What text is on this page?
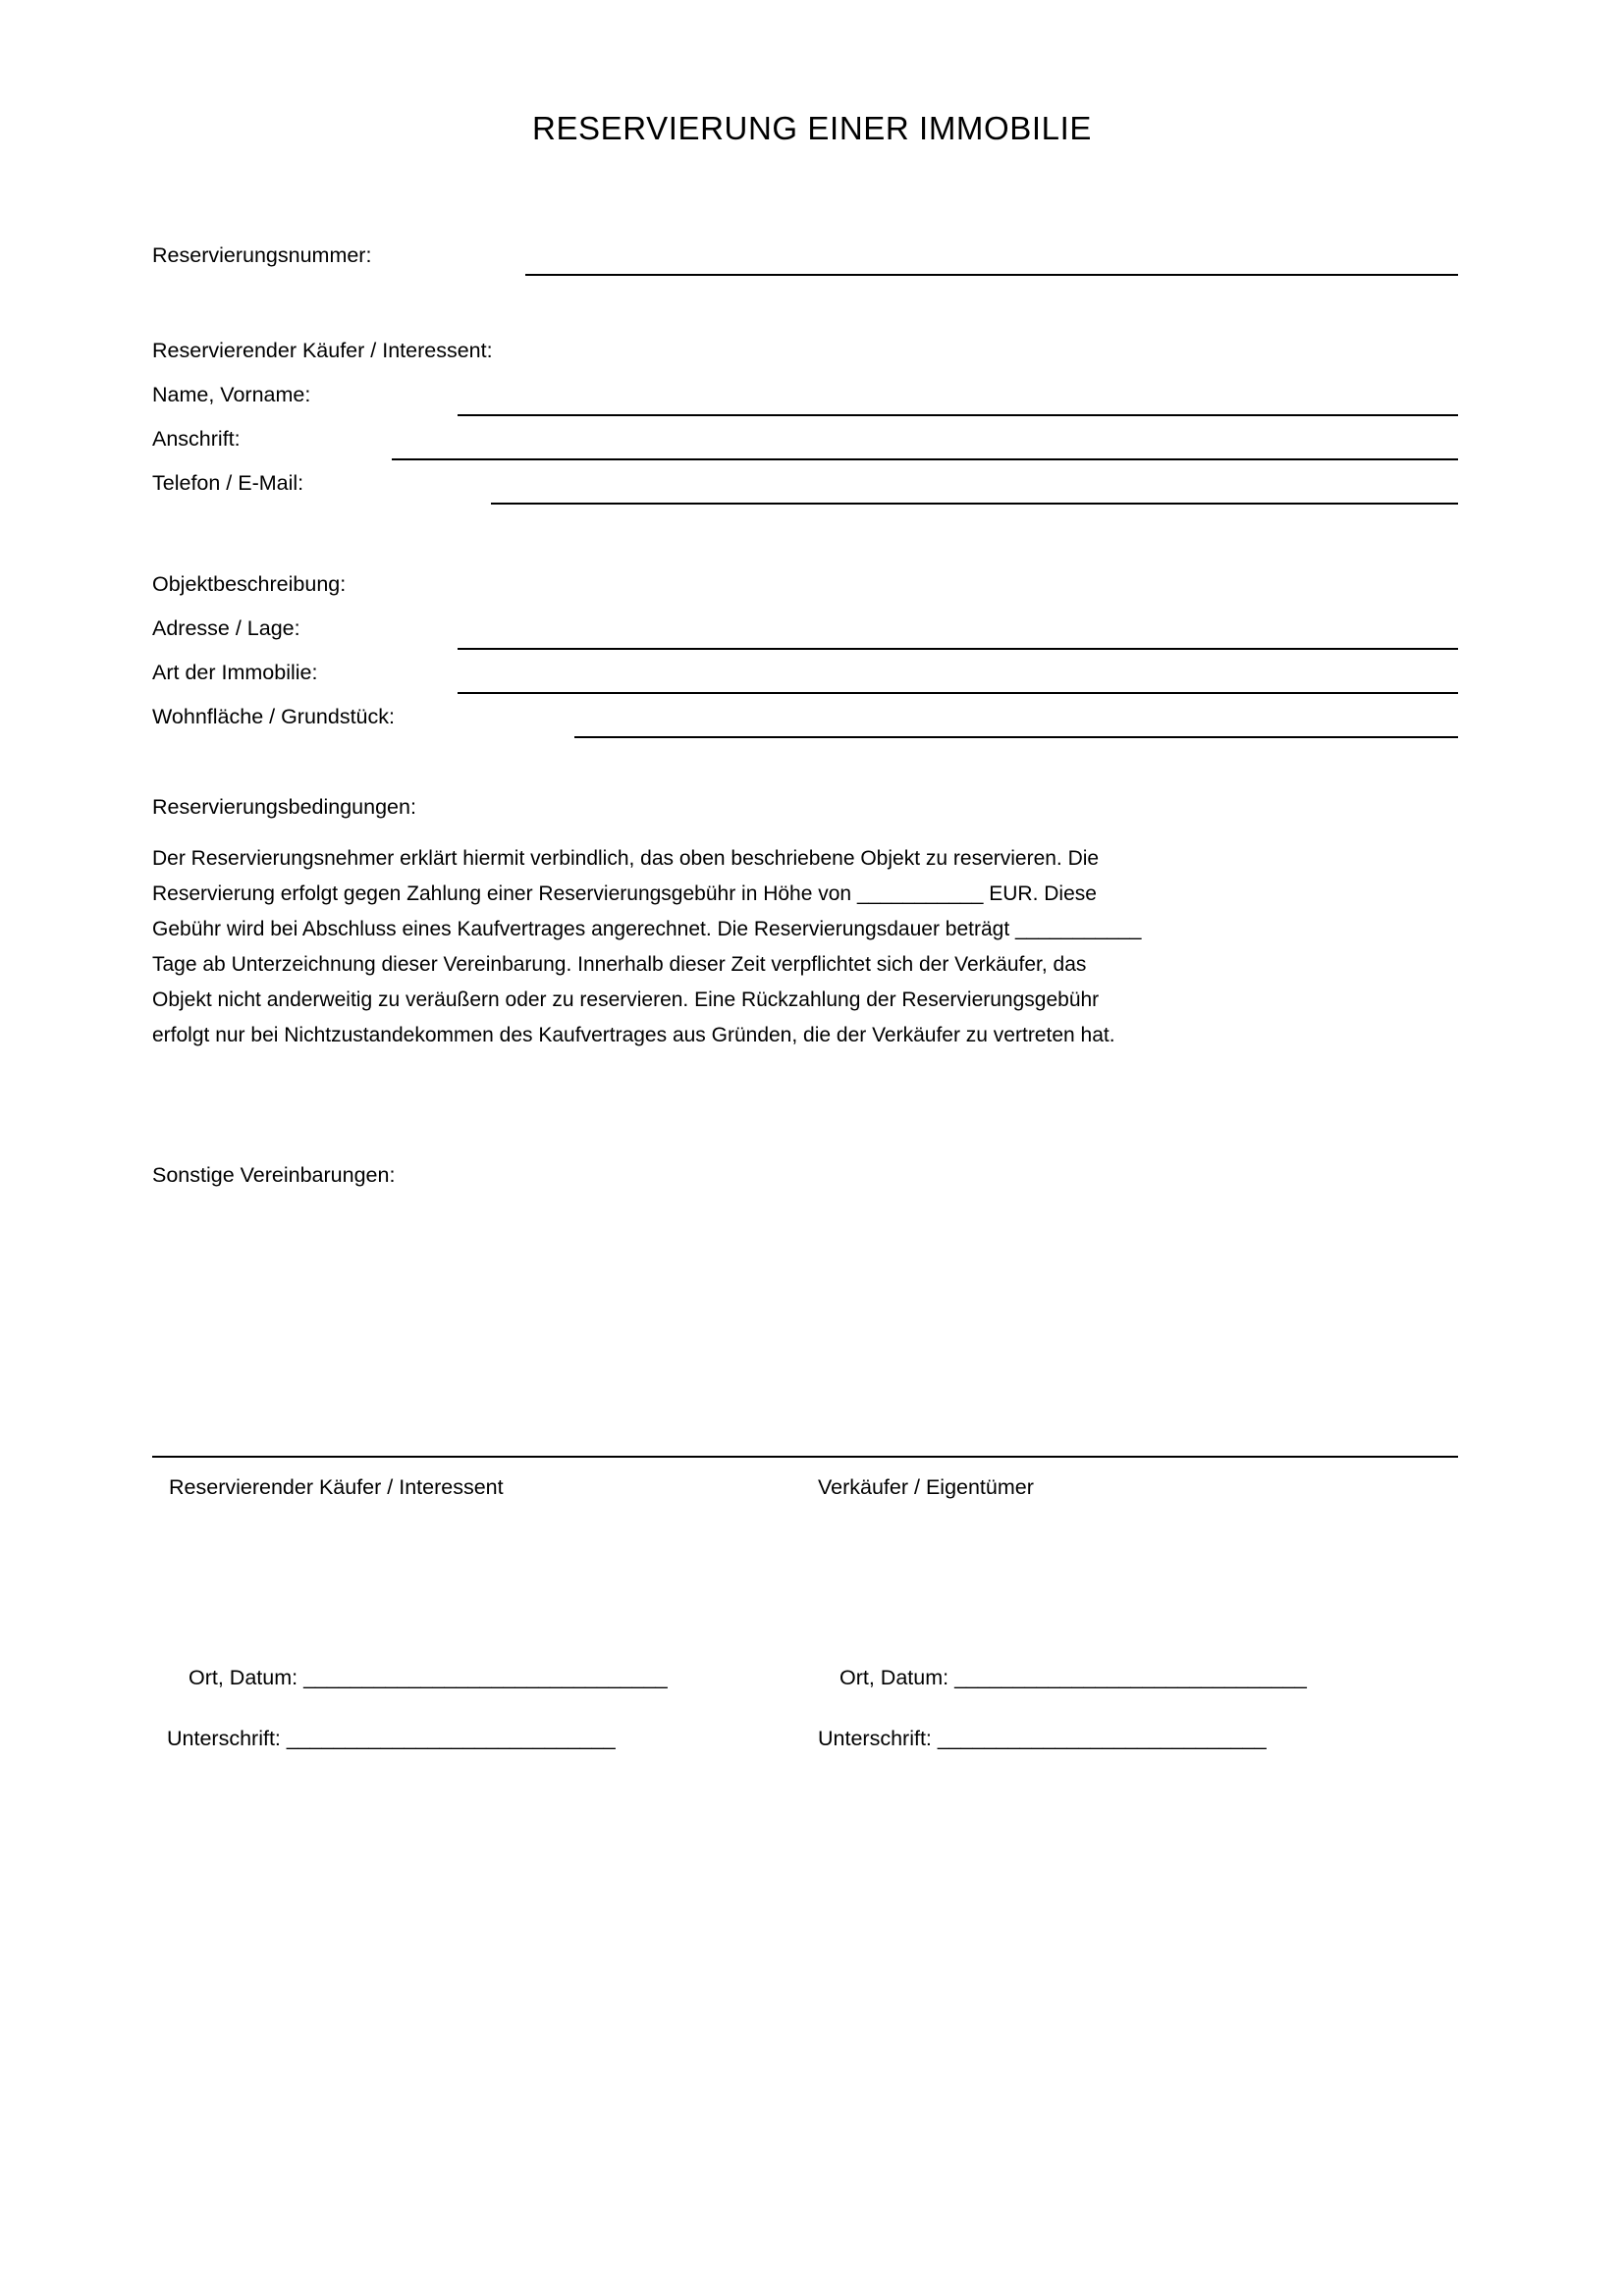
RESERVIERUNG EINER IMMOBILIE
Reservierungsnummer:
Reservierender Käufer / Interessent:
Name, Vorname:
Anschrift:
Telefon / E-Mail:
Objektbeschreibung:
Adresse / Lage:
Art der Immobilie:
Wohnfläche / Grundstück:
Reservierungsbedingungen:

Der Reservierungsnehmer erklärt hiermit verbindlich, das oben beschriebene Objekt zu reservieren. Die

Reservierung erfolgt gegen Zahlung einer Reservierungsgebühr in Höhe von ___________ EUR. Diese

Gebühr wird bei Abschluss eines Kaufvertrages angerechnet. Die Reservierungsdauer beträgt ___________

Tage ab Unterzeichnung dieser Vereinbarung. Innerhalb dieser Zeit verpflichtet sich der Verkäufer, das

Objekt nicht anderweitig zu veräußern oder zu reservieren. Eine Rückzahlung der Reservierungsgebühr

erfolgt nur bei Nichtzustandekommen des Kaufvertrages aus Gründen, die der Verkäufer zu vertreten hat.

Sonstige Vereinbarungen:
Reservierender Käufer / Interessent	Verkäufer / Eigentümer
Ort, Datum: _______________________________	Ort, Datum: ______________________________
Unterschrift: ____________________________	Unterschrift: ____________________________
